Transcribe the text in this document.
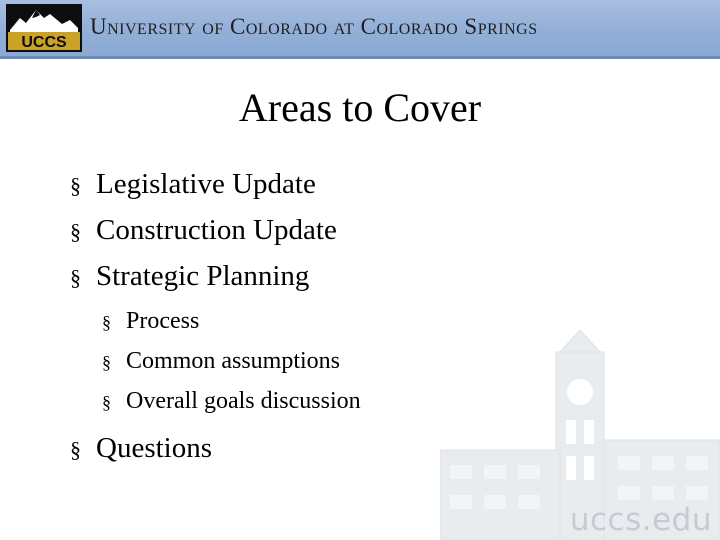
UCCS
University of Colorado at Colorado Springs
uccs.edu
Areas to Cover
§ Legislative Update
§ Construction Update
§ Strategic Planning
§ Process
§ Common assumptions
§ Overall goals discussion
§ Questions
